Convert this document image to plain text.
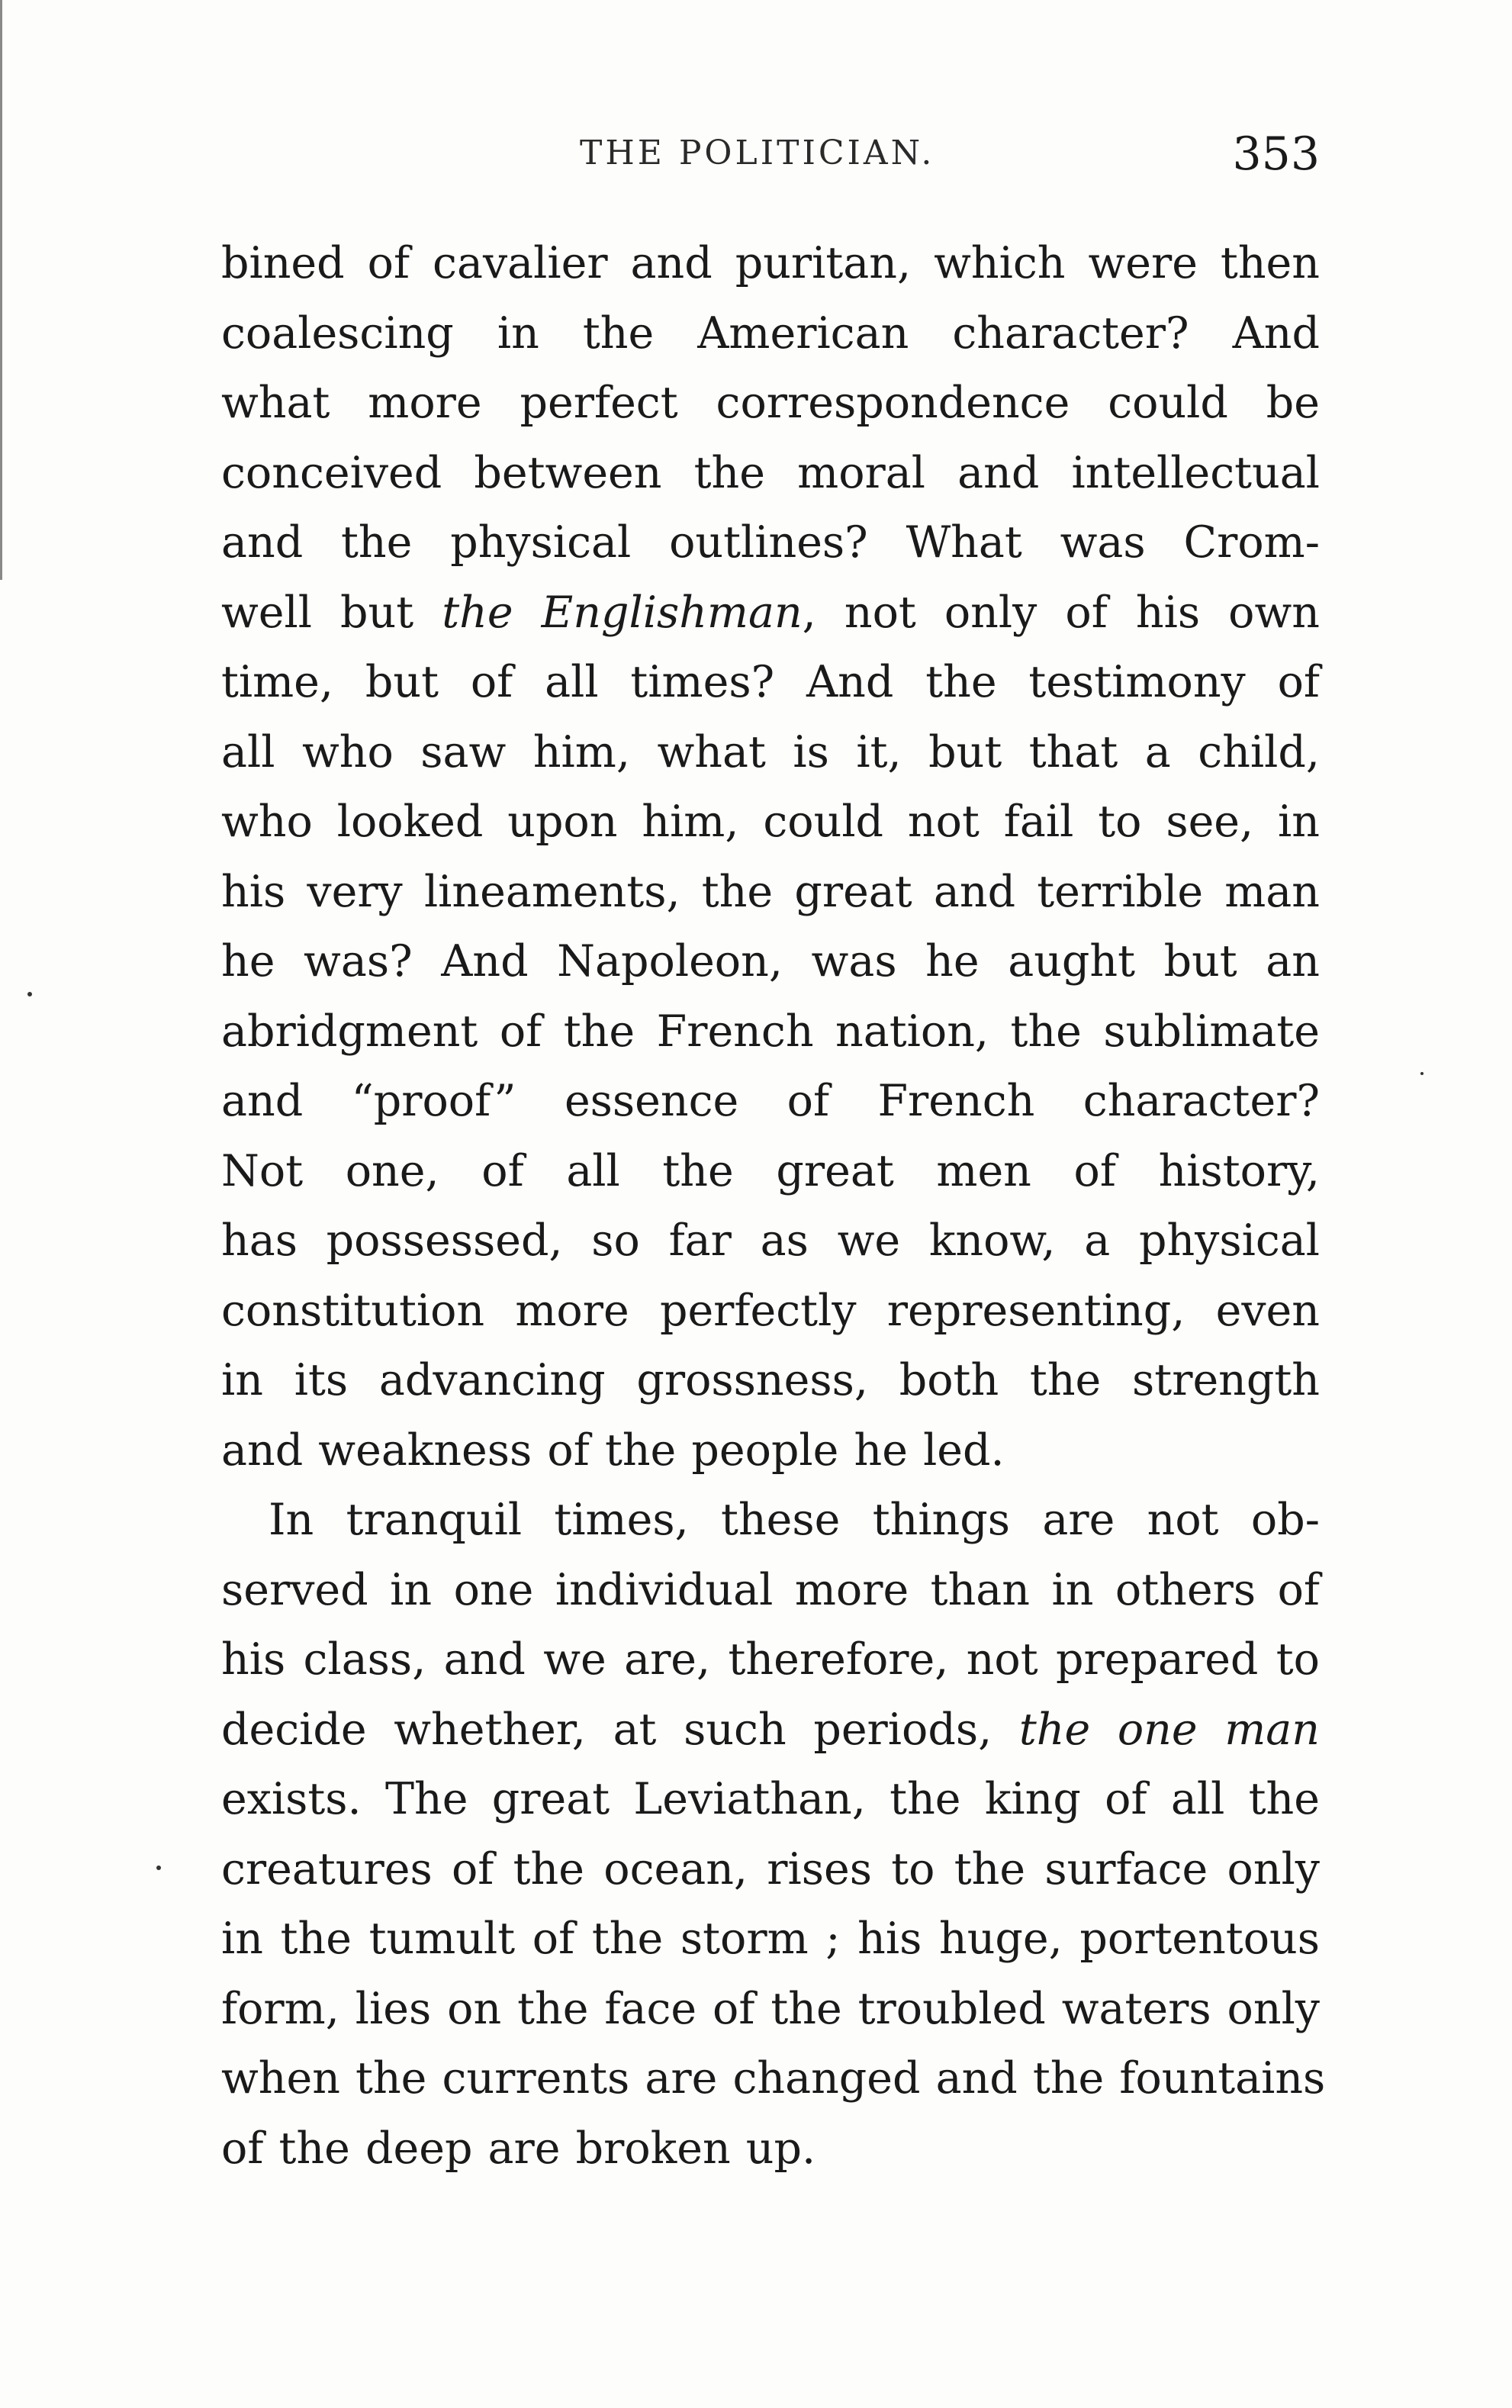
THE POLITICIAN.	353
bined of cavalier and puritan, which were then
coalescing in the American character? And
what more perfect correspondence could be
conceived between the moral and intellectual
and the physical outlines? What was Crom-
well but the Englishman, not only of his own
time, but of all times? And the testimony of
all who saw him, what is it, but that a child,
who looked upon him, could not fail to see, in
his very lineaments, the great and terrible man
he was? And Napoleon, was he aught but an
abridgment of the French nation, the sublimate
and “proof” essence of French character?
Not one, of all the great men of history,
has possessed, so far as we know, a physical
constitution more perfectly representing, even
in its advancing grossness, both the strength
and weakness of the people he led.
In tranquil times, these things are not ob-
served in one individual more than in others of
his class, and we are, therefore, not prepared to
decide whether, at such periods, the one man
exists. The great Leviathan, the king of all the
creatures of the ocean, rises to the surface only
in the tumult of the storm ; his huge, portentous
form, lies on the face of the troubled waters only
when the currents are changed and the fountains
of the deep are broken up.
